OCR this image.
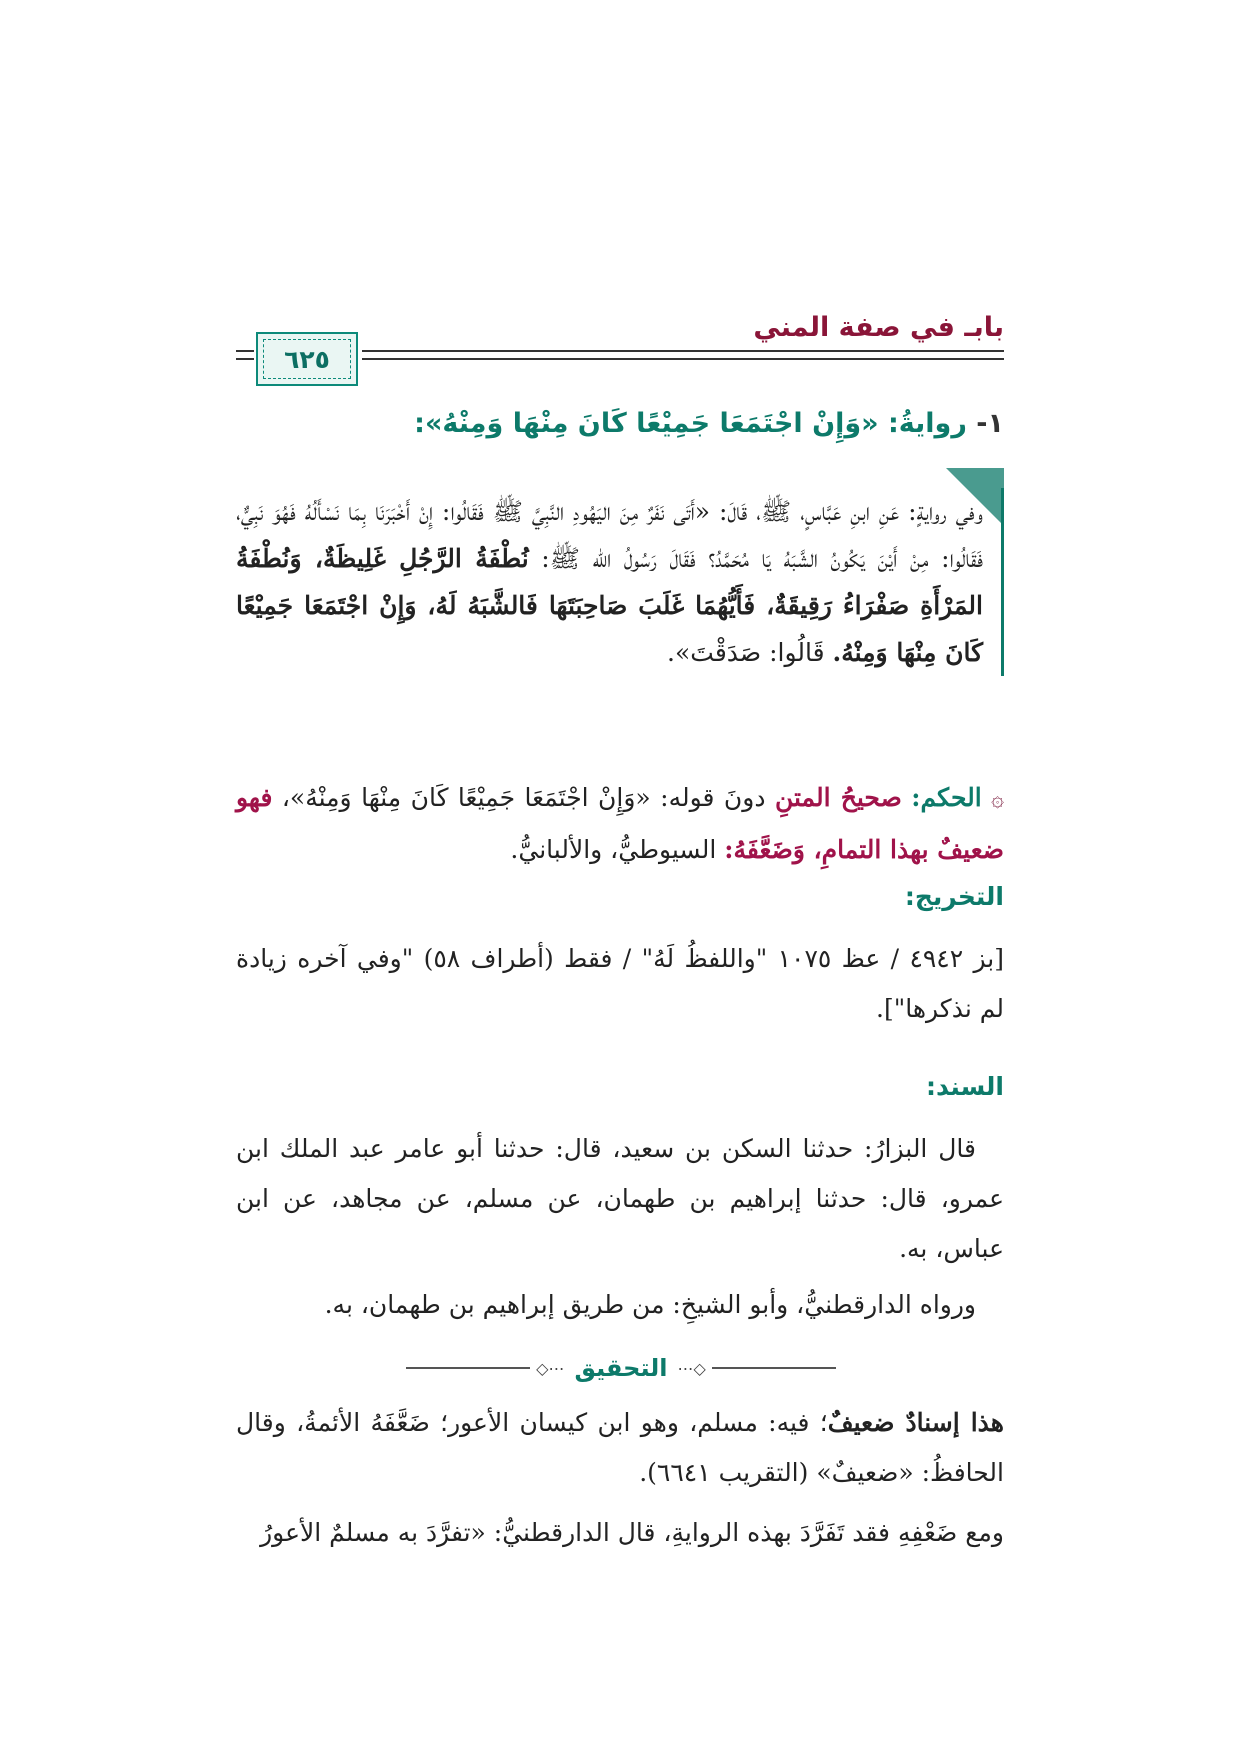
بابـ في صفة المني
٦٢٥
١- روايةُ: «وَإِنْ اجْتَمَعَا جَمِيْعًا كَانَ مِنْهَا وَمِنْهُ»:

وفي روايةٍ: عَنِ ابنِ عَبَّاسٍ، ﷺ، قَالَ: «أَتَى نَفَرٌ مِنَ اليَهُودِ النَّبِيَّ ﷺ فَقَالُوا: إِنْ أَخْبَرَنَا بِمَا نَسْأَلُهُ فَهُوَ نَبِيٌّ، فَقَالُوا: مِنْ أَيْنَ يَكُونُ الشَّبَهُ يَا مُحَمَّدُ؟ فَقَالَ رَسُولُ الله ﷺ: نُطْفَةُ الرَّجُلِ غَلِيظَةٌ، وَنُطْفَةُ المَرْأَةِ صَفْرَاءُ رَقِيقَةٌ، فَأَيُّهُمَا غَلَبَ صَاحِبَتَهَا فَالشَّبَهُ لَهُ، وَإِنْ اجْتَمَعَا جَمِيْعًا كَانَ مِنْهَا وَمِنْهُ. قَالُوا: صَدَقْتَ».

۞ الحكم: صحيحُ المتنِ دونَ قوله: «وَإِنْ اجْتَمَعَا جَمِيْعًا كَانَ مِنْهَا وَمِنْهُ»، فهو ضعيفٌ بهذا التمامِ، وَضَعَّفَهُ: السيوطيُّ، والألبانيُّ.

التخريج:

[بز ٤٩٤٢ / عظ ١٠٧٥ "واللفظُ لَهُ" / فقط (أطراف ٥٨) "وفي آخره زيادة لم نذكرها"].

السند:

قال البزارُ: حدثنا السكن بن سعيد، قال: حدثنا أبو عامر عبد الملك ابن عمرو، قال: حدثنا إبراهيم بن طهمان، عن مسلم، عن مجاهد، عن ابن عباس، به.

ورواه الدارقطنيُّ، وأبو الشيخِ: من طريق إبراهيم بن طهمان، به.

◇⋯
التحقيق
⋯◇

هذا إسنادٌ ضعيفٌ؛ فيه: مسلم، وهو ابن كيسان الأعور؛ ضَعَّفَهُ الأئمةُ، وقال الحافظُ: «ضعيفٌ» (التقريب ٦٦٤١).

ومع ضَعْفِهِ فقد تَفَرَّدَ بهذه الروايةِ، قال الدارقطنيُّ: «تفرَّدَ به مسلمٌ الأعورُ
